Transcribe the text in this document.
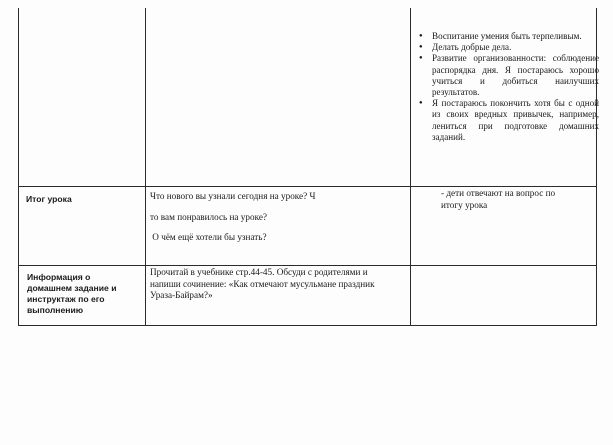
● Воспитание умения быть терпеливым.
● Делать добрые дела.
● Развитие организованности: соблюдение распорядка дня. Я постараюсь хорошо учиться и добиться наилучших результатов.
● Я постараюсь покончить хотя бы с одной из своих вредных привычек, например, лениться при подготовке домашних заданий.
Итог урока	Что нового вы узнали сегодня на уроке? Ч
то вам понравилось на уроке?
О чём ещё хотели бы узнать?
- дети отвечают на вопрос по
итогу урока
Информация о
домашнем задание и
инструктаж по его
выполнению
Прочитай в учебнике стр.44-45. Обсуди с родителями и
напиши сочинение: «Как отмечают мусульмане праздник
Ураза-Байрам?»
